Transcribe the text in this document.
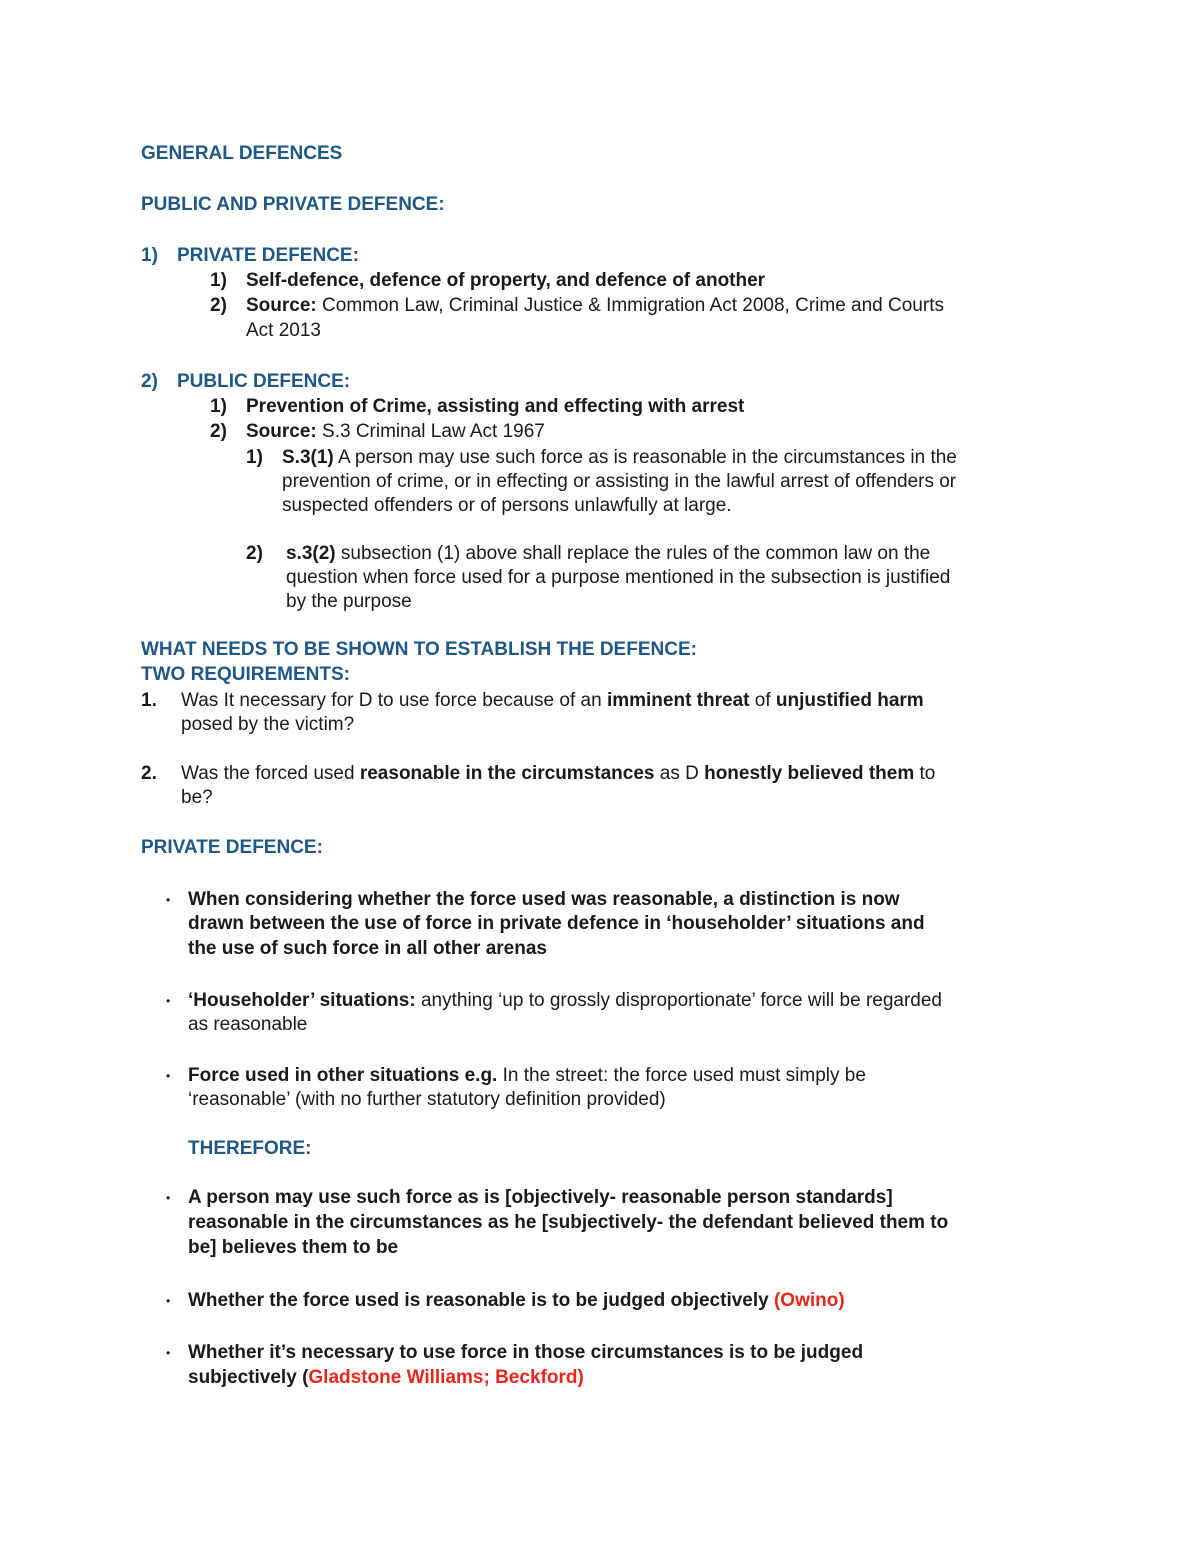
GENERAL DEFENCES
PUBLIC AND PRIVATE DEFENCE:
1) PRIVATE DEFENCE:
1) Self-defence, defence of property, and defence of another
2) Source: Common Law, Criminal Justice & Immigration Act 2008, Crime and Courts
Act 2013
2) PUBLIC DEFENCE:
1) Prevention of Crime, assisting and effecting with arrest
2) Source: S.3 Criminal Law Act 1967
1) S.3(1) A person may use such force as is reasonable in the circumstances in the
prevention of crime, or in effecting or assisting in the lawful arrest of offenders or
suspected offenders or of persons unlawfully at large.
2) s.3(2) subsection (1) above shall replace the rules of the common law on the
question when force used for a purpose mentioned in the subsection is justified
by the purpose
WHAT NEEDS TO BE SHOWN TO ESTABLISH THE DEFENCE:
TWO REQUIREMENTS:
1. Was It necessary for D to use force because of an imminent threat of unjustified harm
posed by the victim?
2. Was the forced used reasonable in the circumstances as D honestly believed them to
be?
PRIVATE DEFENCE:
• When considering whether the force used was reasonable, a distinction is now
drawn between the use of force in private defence in ‘householder’ situations and
the use of such force in all other arenas
• ‘Householder’ situations: anything ‘up to grossly disproportionate’ force will be regarded
as reasonable
• Force used in other situations e.g. In the street: the force used must simply be
‘reasonable’ (with no further statutory definition provided)
THEREFORE:
• A person may use such force as is [objectively- reasonable person standards]
reasonable in the circumstances as he [subjectively- the defendant believed them to
be] believes them to be
• Whether the force used is reasonable is to be judged objectively (Owino)
• Whether it’s necessary to use force in those circumstances is to be judged
subjectively (Gladstone Williams; Beckford)
